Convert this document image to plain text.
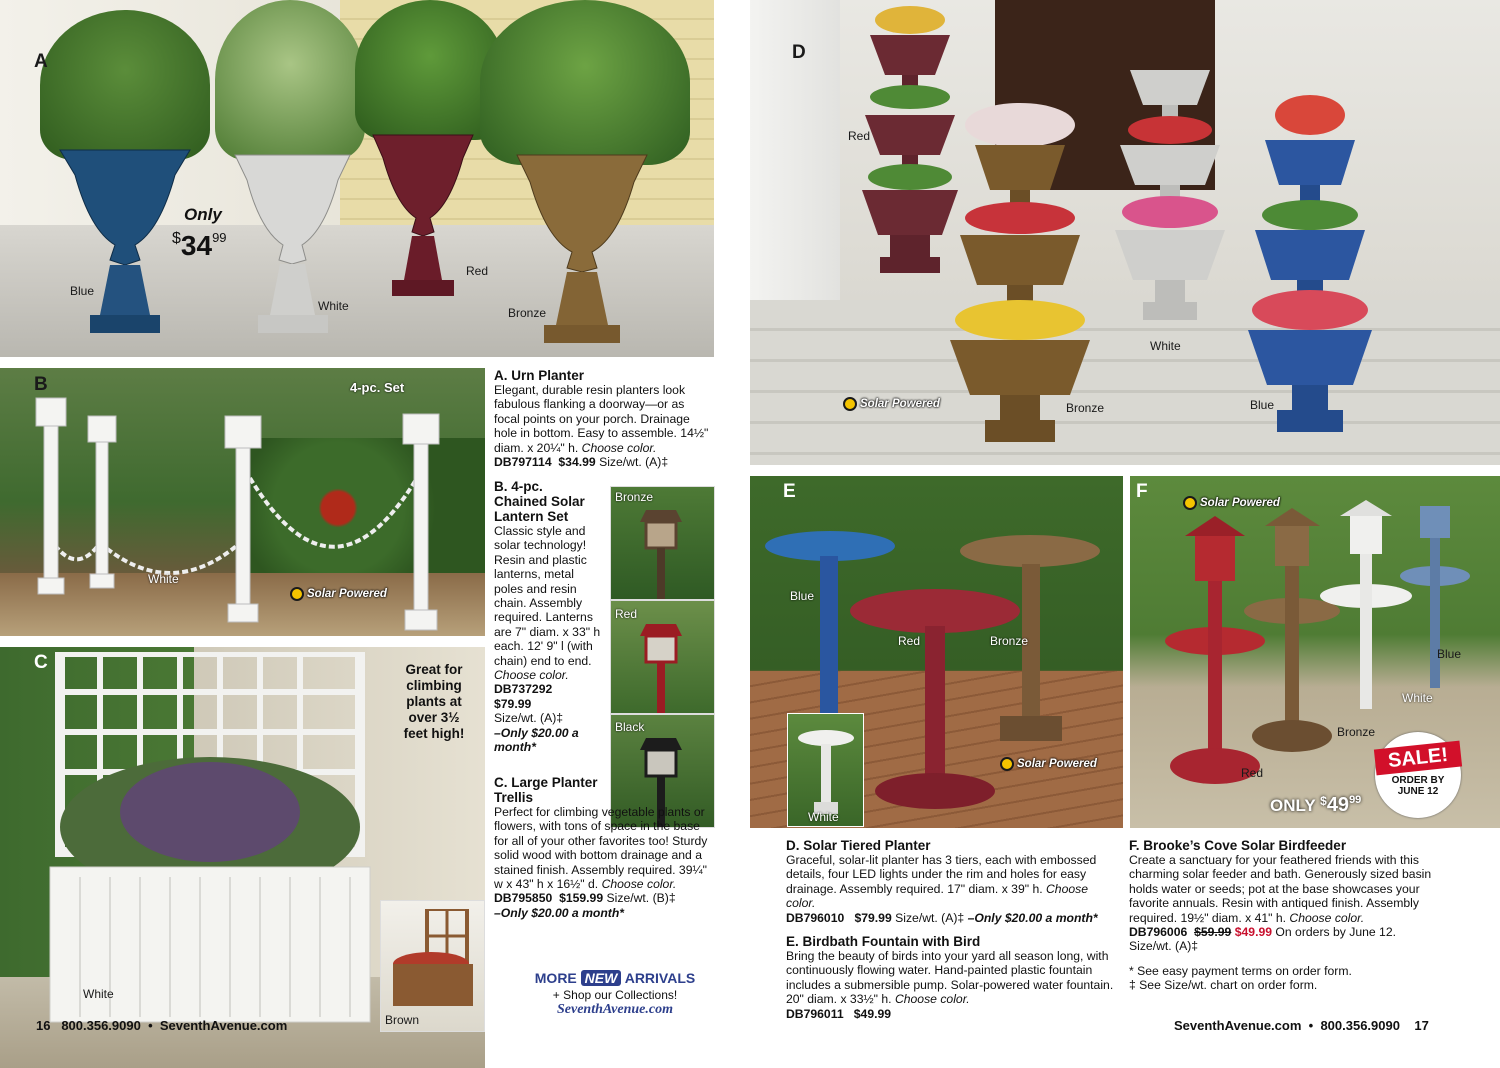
A
Only
$\$34^{99}$
Blue
White
Red
Bronze
B	4-pc. Set
White
Solar Powered
Bronze
Red
Black
C	Great for
climbing
plants at
over 3½
feet high!
White
Brown
A. Urn Planter
Elegant, durable resin planters look fabulous flanking a doorway—or as focal points on your porch. Drainage hole in bottom. Easy to assemble. 14½" diam. x 20¼" h. Choose color.
DB797114 $34.99 Size/wt. (A)‡
B. 4-pc.
Chained Solar
Lantern Set
Classic style and solar technology! Resin and plastic lanterns, metal poles and resin chain. Assembly required. Lanterns are 7" diam. x 33" h each. 12' 9" l (with chain) end to end. Choose color.
DB737292
$79.99
Size/wt. (A)‡
–Only $20.00 a month*
C. Large Planter
Trellis
Perfect for climbing vegetable plants or flowers, with tons of space in the base for all of your other favorites too! Sturdy solid wood with bottom drainage and a stained finish. Assembly required. 39¼" w x 43" h x 16½" d. Choose color.
DB795850 $159.99 Size/wt. (B)‡
–Only $20.00 a month*
MORE NEW ARRIVALS
+ Shop our Collections!
SeventhAvenue.com
16 800.356.9090 • SeventhAvenue.com
D
Red
Bronze
White
Blue
Solar Powered
E
Blue
Red	Bronze
Solar Powered
White
F
Solar Powered
Blue
White
Bronze
Red
ONLY $^{\$}49^{99}$
SALE!
ORDER BY
JUNE 12
D. Solar Tiered Planter
Graceful, solar-lit planter has 3 tiers, each with embossed details, four LED lights under the rim and holes for easy drainage. Assembly required. 17" diam. x 39" h. Choose color.
DB796010 $79.99 Size/wt. (A)‡ –Only $20.00 a month*
E. Birdbath Fountain with Bird
Bring the beauty of birds into your yard all season long, with continuously flowing water. Hand-painted plastic fountain includes a submersible pump. Solar-powered water fountain. 20" diam. x 33½" h. Choose color.
DB796011 $49.99
F. Brooke’s Cove Solar Birdfeeder
Create a sanctuary for your feathered friends with this charming solar feeder and bath. Generously sized basin holds water or seeds; pot at the base showcases your favorite annuals. Resin with antiqued finish. Assembly required. 19½" diam. x 41" h. Choose color.
DB796006 $59.99 $49.99 On orders by June 12.
Size/wt. (A)‡
* See easy payment terms on order form.
‡ See Size/wt. chart on order form.
SeventhAvenue.com • 800.356.9090 17
